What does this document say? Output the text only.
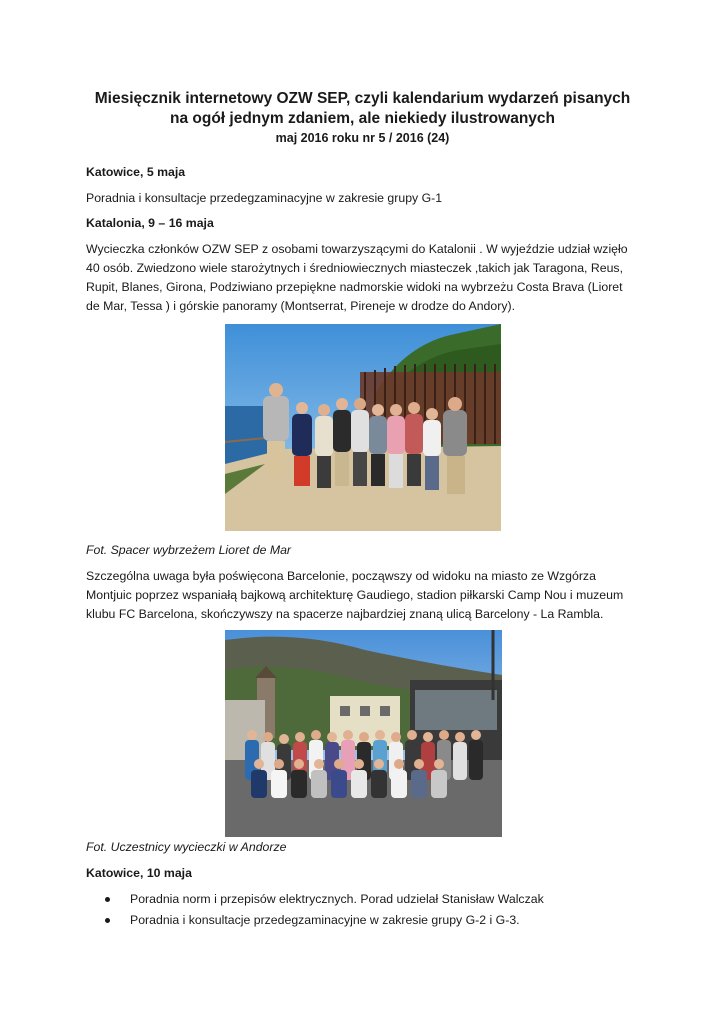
Miesięcznik internetowy OZW SEP, czyli kalendarium wydarzeń pisanych
na ogół jednym zdaniem, ale niekiedy ilustrowanych
maj 2016 roku nr 5 / 2016 (24)

Katowice, 5 maja

Poradnia i konsultacje przedegzaminacyjne w zakresie grupy G-1

Katalonia, 9 – 16 maja

Wycieczka członków OZW SEP z osobami towarzyszącymi do Katalonii . W wyjeździe udział wzięło 40 osób. Zwiedzono wiele starożytnych i średniowiecznych miasteczek ,takich jak Taragona, Reus, Rupit, Blanes, Girona, Podziwiano przepiękne nadmorskie widoki na wybrzeżu Costa Brava (Lioret de Mar, Tessa ) i górskie panoramy (Montserrat, Pireneje w drodze do Andory).

Fot. Spacer wybrzeżem Lioret de Mar

Szczególna uwaga była poświęcona Barcelonie, począwszy od widoku na miasto ze Wzgórza Montjuic poprzez wspaniałą bajkową architekturę Gaudiego, stadion piłkarski Camp Nou i muzeum klubu FC Barcelona, skończywszy na spacerze najbardziej znaną ulicą Barcelony - La Rambla.

Fot. Uczestnicy wycieczki w Andorze

Katowice, 10 maja

Poradnia norm i przepisów elektrycznych. Porad udzielał Stanisław Walczak
Poradnia i konsultacje przedegzaminacyjne w zakresie grupy G-2 i G-3.
